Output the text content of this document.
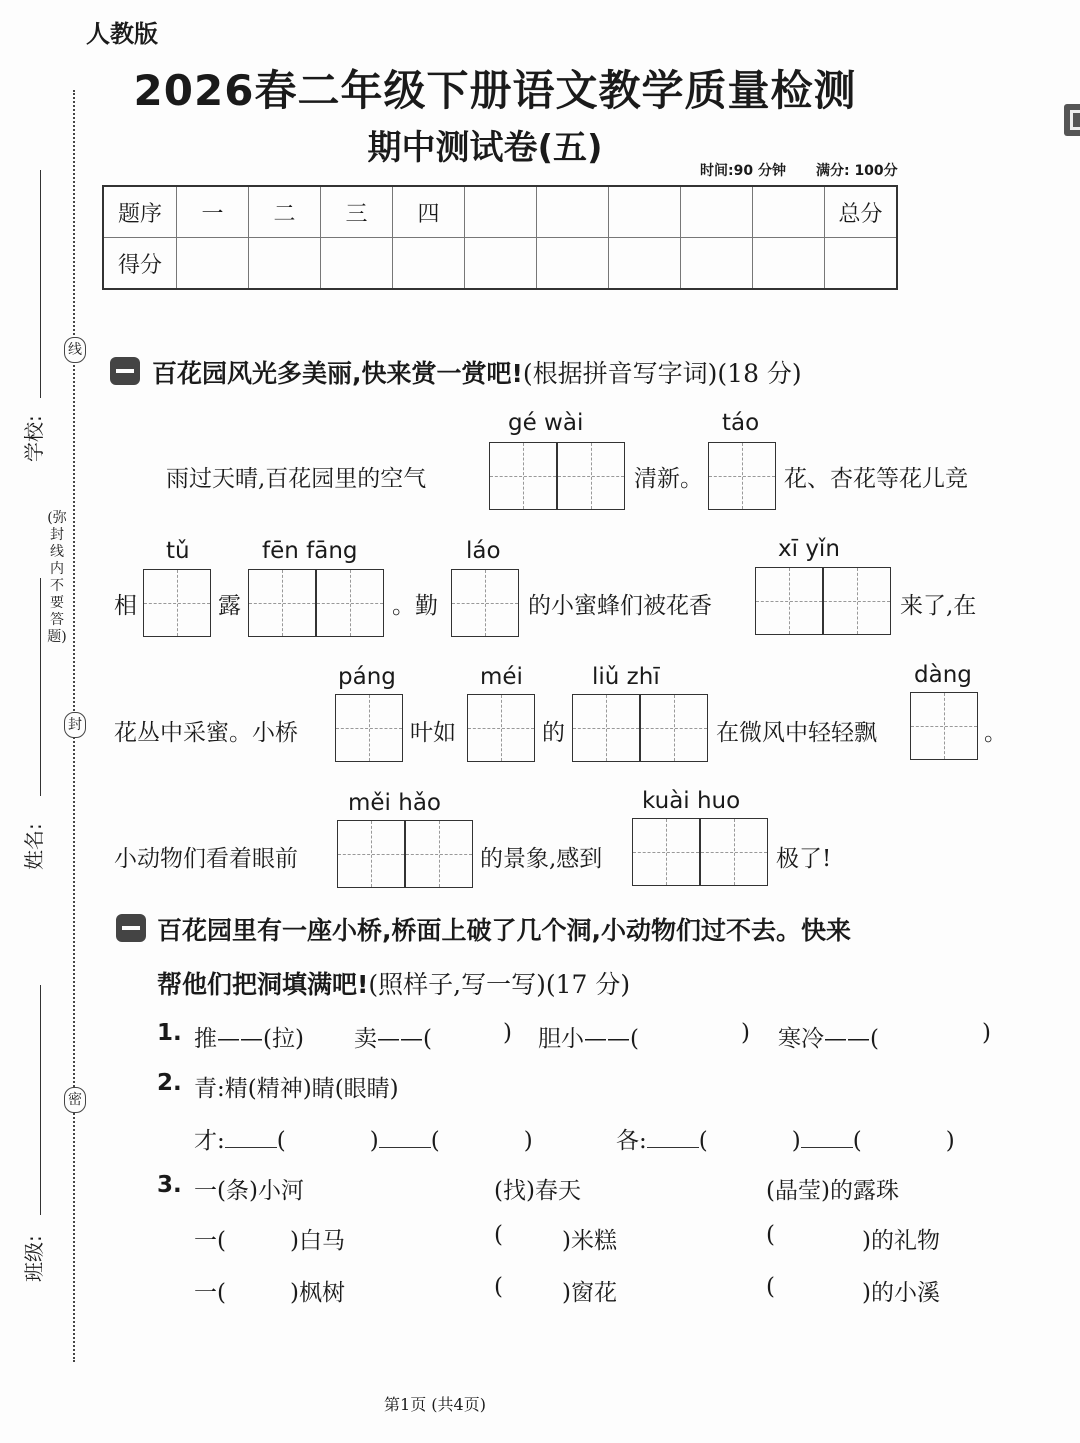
人教版
2026春二年级下册语文教学质量检测
期中测试卷(五)
时间:90 分钟 满分: 100分
题序	一	二	三	四						总分
得分										
线
封
密
(弥封线内不要答题)
学校:
姓名:
班级:
百花园风光多美丽,快来赏一赏吧!(根据拼音写字词)(18 分)
gé wài	táo
雨过天晴,百花园里的空气	清新。	花、杏花等花儿竞
tǔ	fēn fāng	láo	xī yǐn
相	露	。勤	的小蜜蜂们被花香	来了,在
páng	méi	liǔ zhī	dàng
花丛中采蜜。小桥	叶如	的	在微风中轻轻飘	。
měi hǎo	kuài huo
小动物们看着眼前	的景象,感到	极了!
百花园里有一座小桥,桥面上破了几个洞,小动物们过不去。快来
帮他们把洞填满吧!(照样子,写一写)(17 分)
1. 推——(拉) 卖——(	) 胆小——(	) 寒冷——(	)
2. 青:精(精神)睛(眼睛)
才: (	) (	)	各: (	) (	)
3. 一(条)小河
一(	)白马
一(	)枫树
(找)春天
(	)米糕
(	)窗花
(晶莹)的露珠
(	)的礼物
(	)的小溪
第1页 (共4页)
